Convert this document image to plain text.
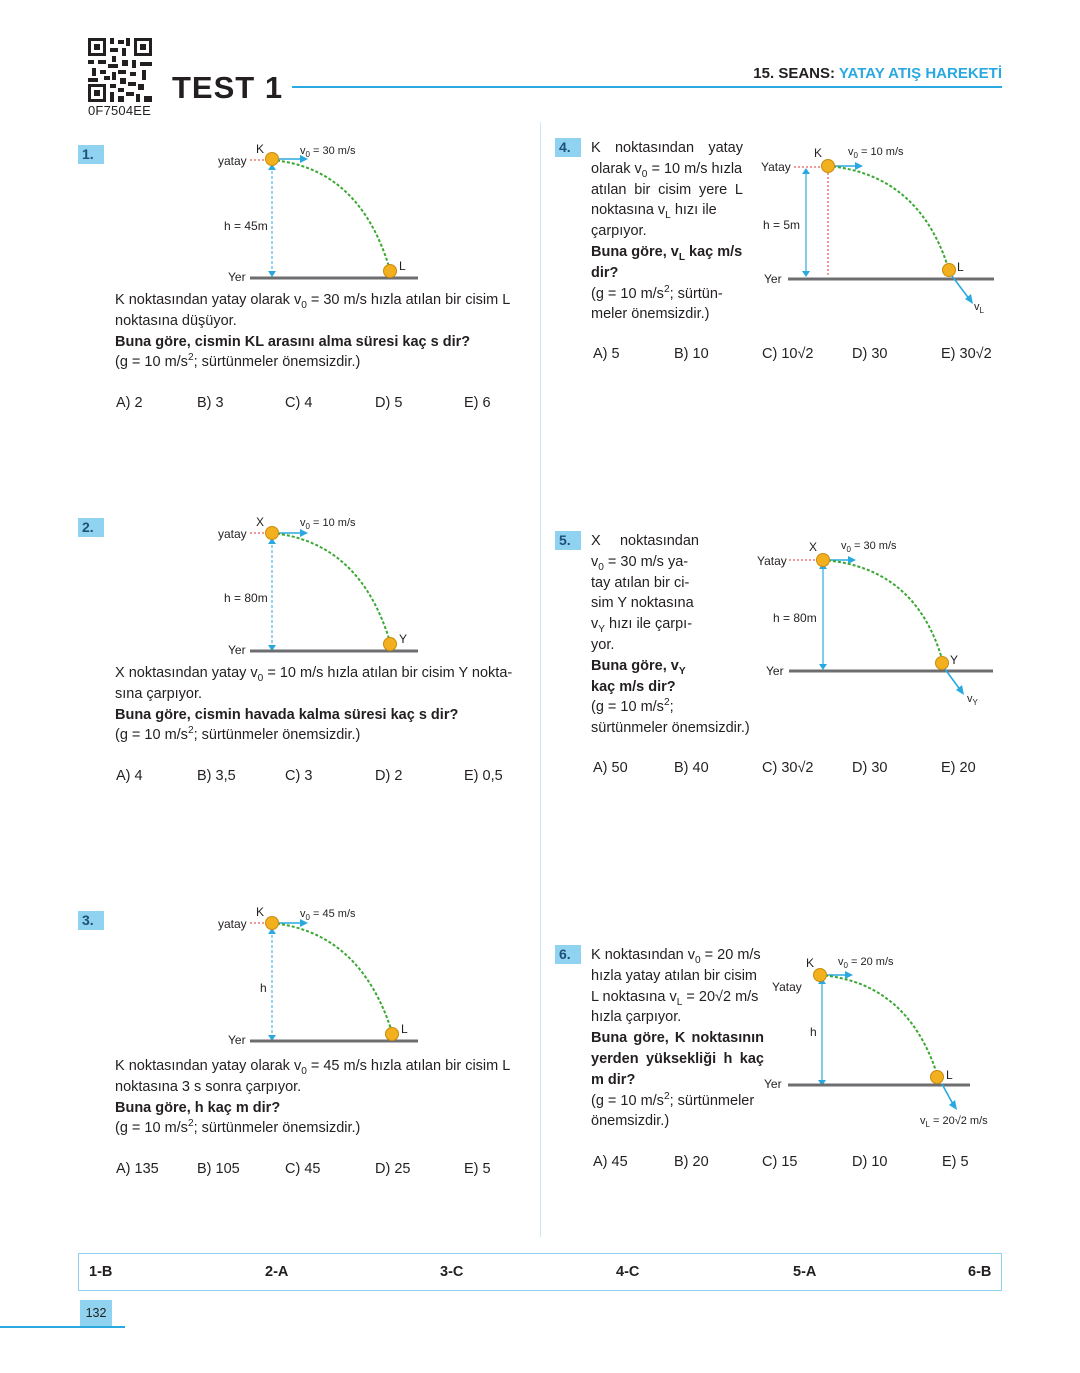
0F7504EE
TEST 1	15. SEANS: YATAY ATIŞ HAREKETİ
1.	K
yatay
$v_0 = 30$ m/s
h = 45m
Yer
L
K noktasından yatay olarak $v_0 = 30$ m/s hızla atılan bir cisim L
noktasına düşüyor.
Buna göre, cismin KL arasını alma süresi kaç s dir?
(g = 10 $m/s^2$; sürtünmeler önemsizdir.)
A) 2	B) 3	C) 4	D) 5	E) 6
2.	X
yatay
$v_0 = 10$ m/s
h = 80m
Yer
Y
X noktasından yatay $v_0 = 10$ m/s hızla atılan bir cisim Y nokta-
sına çarpıyor.
Buna göre, cismin havada kalma süresi kaç s dir?
(g = 10 $m/s^2$; sürtünmeler önemsizdir.)
A) 4	B) 3,5	C) 3	D) 2	E) 0,5
3.	K
yatay
$v_0 = 45$ m/s
h
Yer
L
K noktasından yatay olarak $v_0 = 45$ m/s hızla atılan bir cisim L
noktasına 3 s sonra çarpıyor.
Buna göre, h kaç m dir?
(g = 10 $m/s^2$; sürtünmeler önemsizdir.)
A) 135	B) 105	C) 45	D) 25	E) 5
4.	K noktasından yatay
olarak $v_0 = 10$ m/s hızla
atılan bir cisim yere L
noktasına $v_L$ hızı ile
çarpıyor.
Buna göre, $v_L$ kaç m/s
dir?
(g = 10 $m/s^2$; sürtün-
meler önemsizdir.)
K
Yatay
$v_0 = 10$ m/s
h = 5m
Yer
L
$v_L$
A) 5	B) 10	C) 10√2	D) 30	E) 30√2
5.	X noktasından
$v_0 = 30$ m/s ya-
tay atılan bir ci-
sim Y noktasına
$v_Y$ hızı ile çarpı-
yor.
Buna göre, $v_Y$
kaç m/s dir?
(g = 10 $m/s^2$;
sürtünmeler önemsizdir.)
X
Yatay
$v_0 = 30$ m/s
h = 80m
Yer
Y
$v_Y$
A) 50	B) 40	C) 30√2	D) 30	E) 20
6.	K noktasından $v_0 = 20$ m/s
hızla yatay atılan bir cisim
L noktasına $v_L = 20√2$ m/s
hızla çarpıyor.
Buna göre, K noktasının
yerden yüksekliği h kaç
m dir?
(g = 10 $m/s^2$; sürtünmeler
önemsizdir.)
K
Yatay
$v_0 = 20$ m/s
h
Yer
L
$v_L = 20√2$ m/s
A) 45	B) 20	C) 15	D) 10	E) 5
1-B	2-A	3-C	4-C	5-A	6-B
132
